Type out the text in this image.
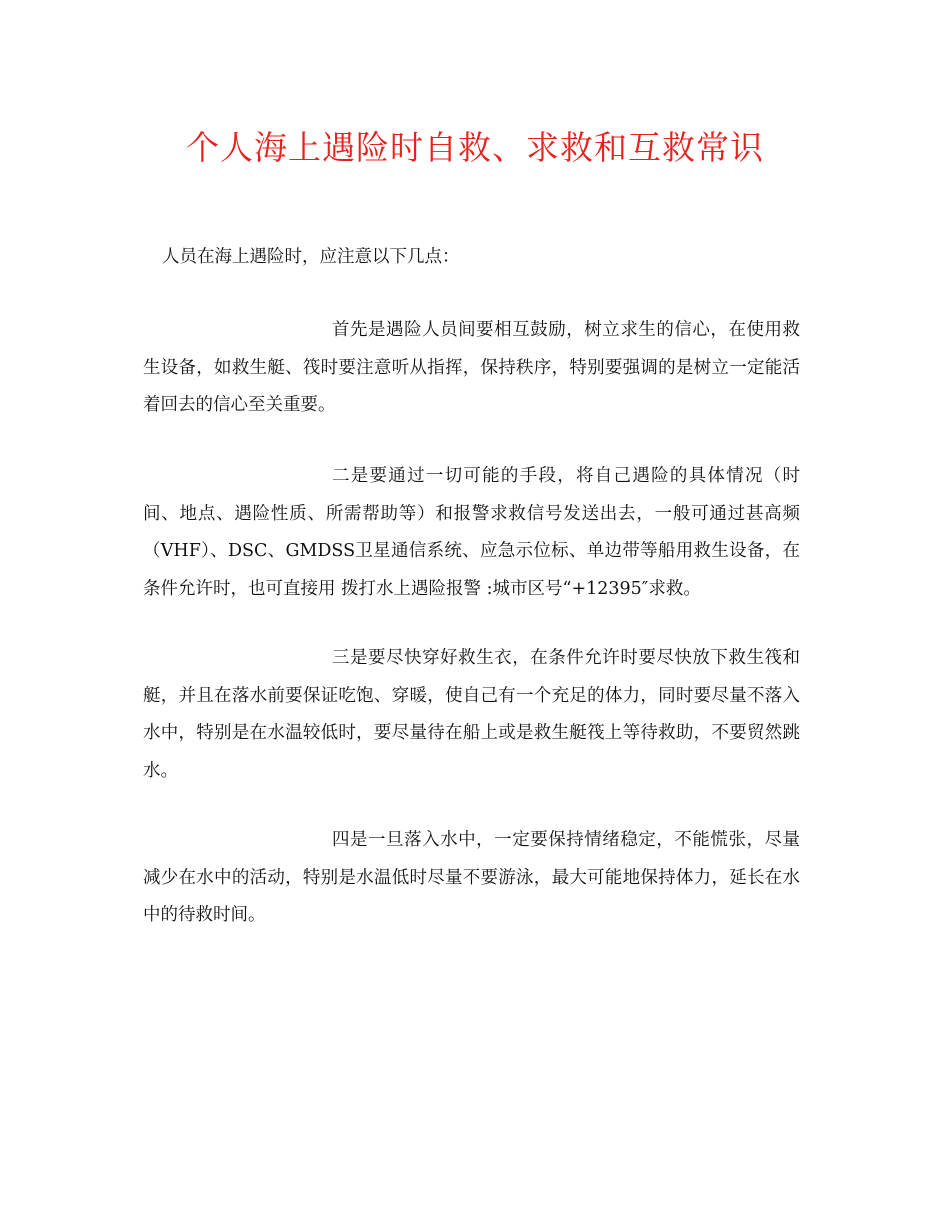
个人海上遇险时自救、求救和互救常识

人员在海上遇险时，应注意以下几点：

首先是遇险人员间要相互鼓励，树立求生的信心，在使用救生设备，如救生艇、筏时要注意听从指挥，保持秩序，特别要强调的是树立一定能活着回去的信心至关重要。

二是要通过一切可能的手段，将自己遇险的具体情况（时间、地点、遇险性质、所需帮助等）和报警求救信号发送出去，一般可通过甚高频 （VHF）、DSC、GMDSS卫星通信系统、应急示位标、单边带等船用救生设备，在条件允许时，也可直接用 拨打水上遇险报警 :城市区号“+12395″求救。

三是要尽快穿好救生衣，在条件允许时要尽快放下救生筏和艇，并且在落水前要保证吃饱、穿暖，使自己有一个充足的体力，同时要尽量不落入水中，特别是在水温较低时，要尽量待在船上或是救生艇筏上等待救助，不要贸然跳水。

四是一旦落入水中，一定要保持情绪稳定，不能慌张，尽量减少在水中的活动，特别是水温低时尽量不要游泳，最大可能地保持体力，延长在水中的待救时间。
